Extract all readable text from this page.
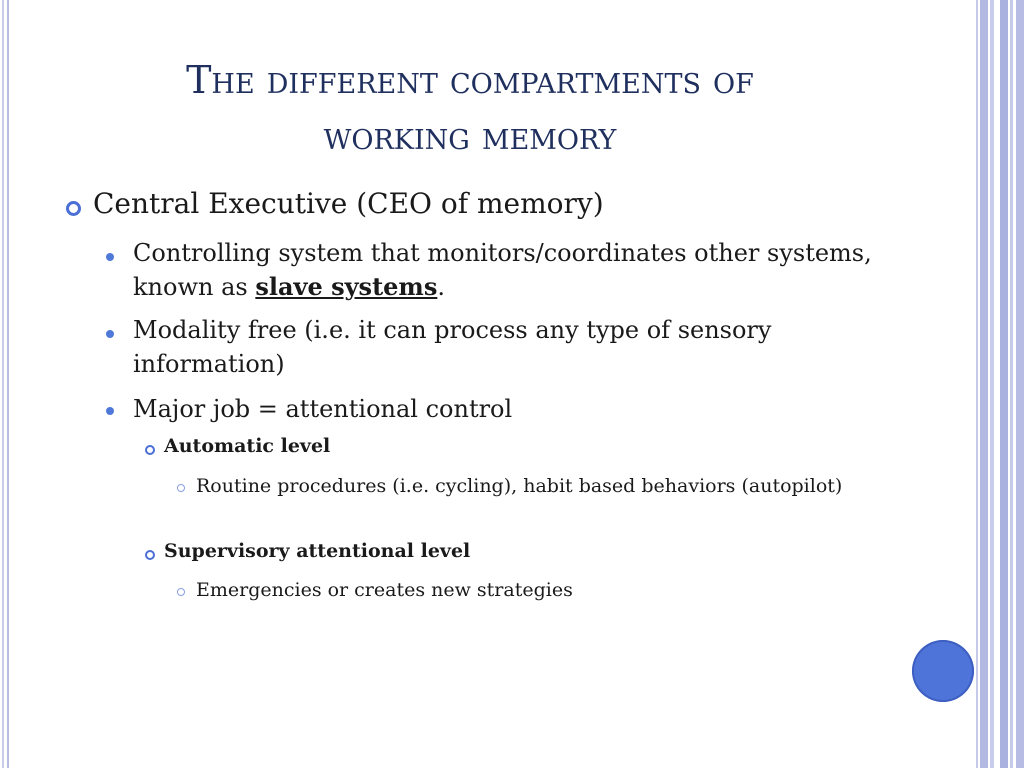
The different compartments of
working memory
Central Executive (CEO of memory)
Controlling system that monitors/coordinates other systems, known as slave systems.
Modality free (i.e. it can process any type of sensory information)
Major job = attentional control
Automatic level
Routine procedures (i.e. cycling), habit based behaviors (autopilot)
Supervisory attentional level
Emergencies or creates new strategies
